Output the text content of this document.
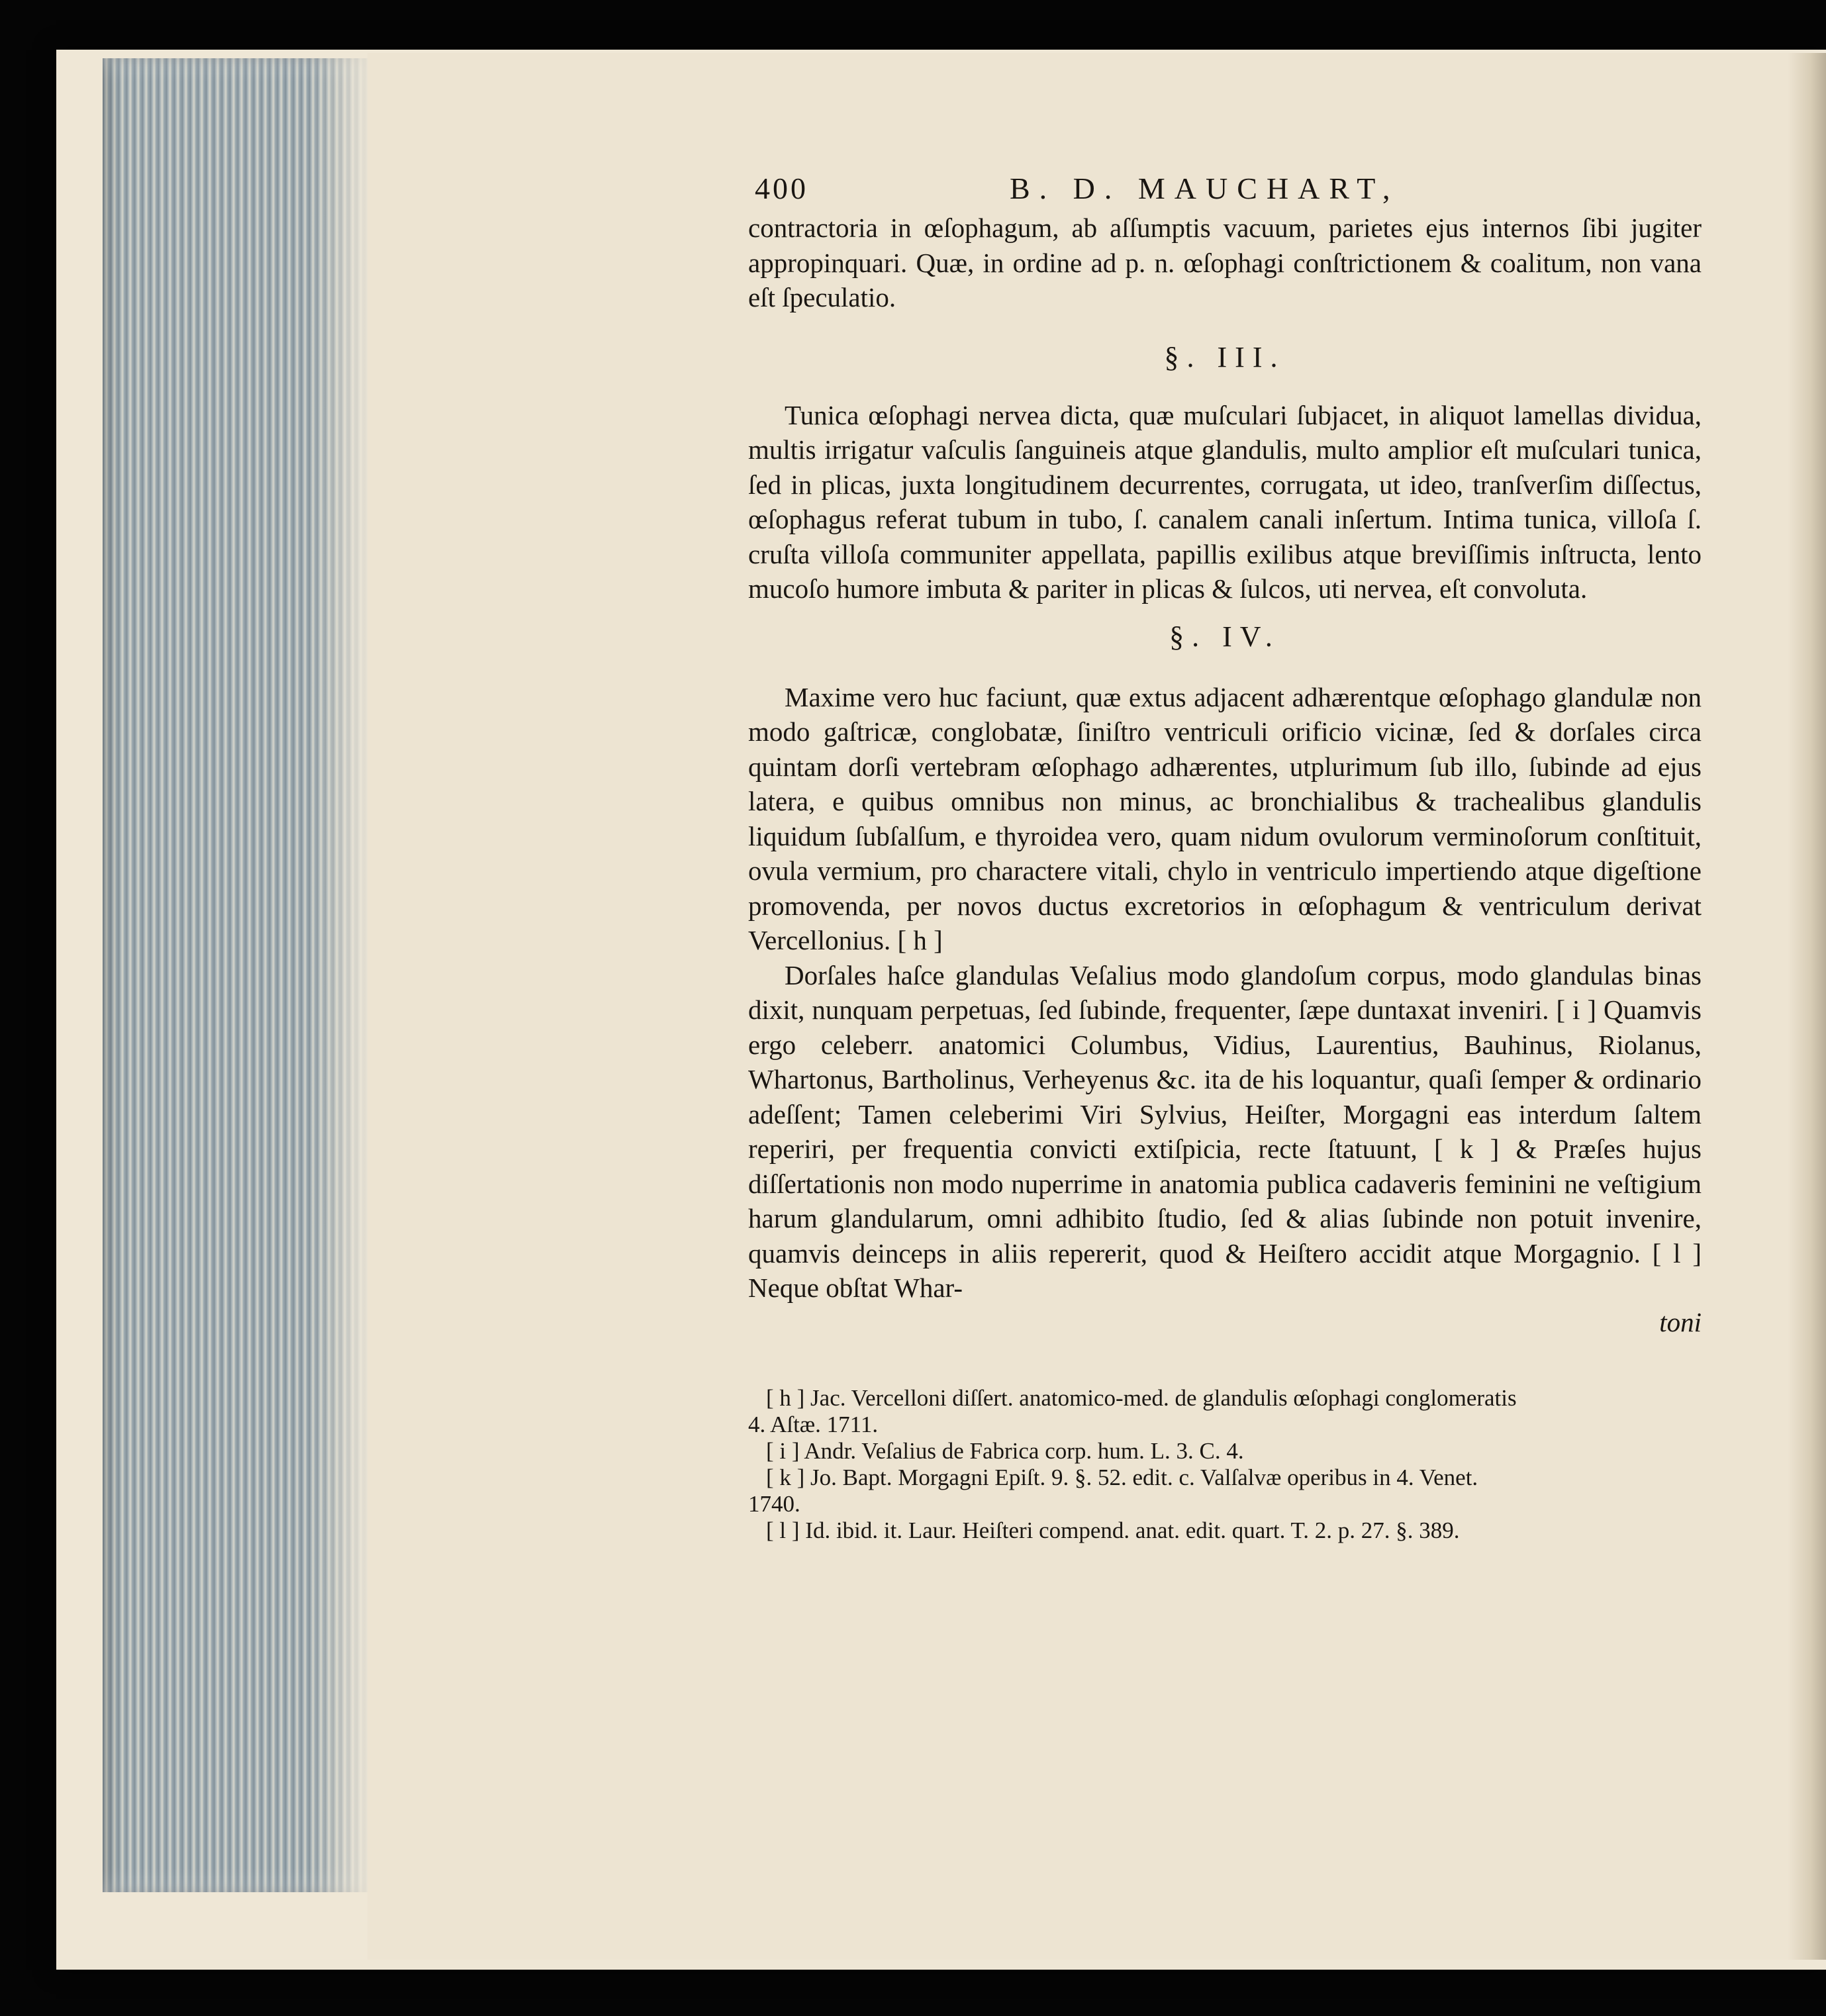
400	B. D. MAUCHART,

contractoria in œſophagum, ab aſſumptis vacuum, parietes ejus internos ſibi jugiter appropinquari. Quæ, in ordine ad p. n. œſophagi conſtrictionem & coalitum, non vana eſt ſpeculatio.

§. III.

Tunica œſophagi nervea dicta, quæ muſculari ſubjacet, in aliquot lamellas dividua, multis irrigatur vaſculis ſanguineis atque glandulis, multo amplior eſt muſculari tunica, ſed in plicas, juxta longitudinem decurrentes, corrugata, ut ideo, tranſverſim diſſectus, œſophagus referat tubum in tubo, ſ. canalem canali inſertum. Intima tunica, villoſa ſ. cruſta villoſa communiter appellata, papillis exilibus atque breviſſimis inſtructa, lento mucoſo humore imbuta & pariter in plicas & ſulcos, uti nervea, eſt convoluta.

§. IV.

Maxime vero huc faciunt, quæ extus adjacent adhærentque œſophago glandulæ non modo gaſtricæ, conglobatæ, ſiniſtro ventriculi orificio vicinæ, ſed & dorſales circa quintam dorſi vertebram œſophago adhærentes, utplurimum ſub illo, ſubinde ad ejus latera, e quibus omnibus non minus, ac bronchialibus & trachealibus glandulis liquidum ſubſalſum, e thyroidea vero, quam nidum ovulorum verminoſorum conſtituit, ovula vermium, pro charactere vitali, chylo in ventriculo impertiendo atque digeſtione promovenda, per novos ductus excretorios in œſophagum & ventriculum derivat Vercellonius. [ h ]

Dorſales haſce glandulas Veſalius modo glandoſum corpus, modo glandulas binas dixit, nunquam perpetuas, ſed ſubinde, frequenter, ſæpe duntaxat inveniri. [ i ] Quamvis ergo celeberr. anatomici Columbus, Vidius, Laurentius, Bauhinus, Riolanus, Whartonus, Bartholinus, Verheyenus &c. ita de his loquantur, quaſi ſemper & ordinario adeſſent; Tamen celeberimi Viri Sylvius, Heiſter, Morgagni eas interdum ſaltem reperiri, per frequentia convicti extiſpicia, recte ſtatuunt, [ k ] & Præſes hujus diſſertationis non modo nuperrime in anatomia publica cadaveris feminini ne veſtigium harum glandularum, omni adhibito ſtudio, ſed & alias ſubinde non potuit invenire, quamvis deinceps in aliis repererit, quod & Heiſtero accidit atque Morgagnio. [ l ] Neque obſtat Whar-

toni
[ h ] Jac. Vercelloni diſſert. anatomico-med. de glandulis œſophagi conglomeratis
4. Aſtæ. 1711.
[ i ] Andr. Veſalius de Fabrica corp. hum. L. 3. C. 4.
[ k ] Jo. Bapt. Morgagni Epiſt. 9. §. 52. edit. c. Valſalvæ operibus in 4. Venet.
1740.
[ l ] Id. ibid. it. Laur. Heiſteri compend. anat. edit. quart. T. 2. p. 27. §. 389.
